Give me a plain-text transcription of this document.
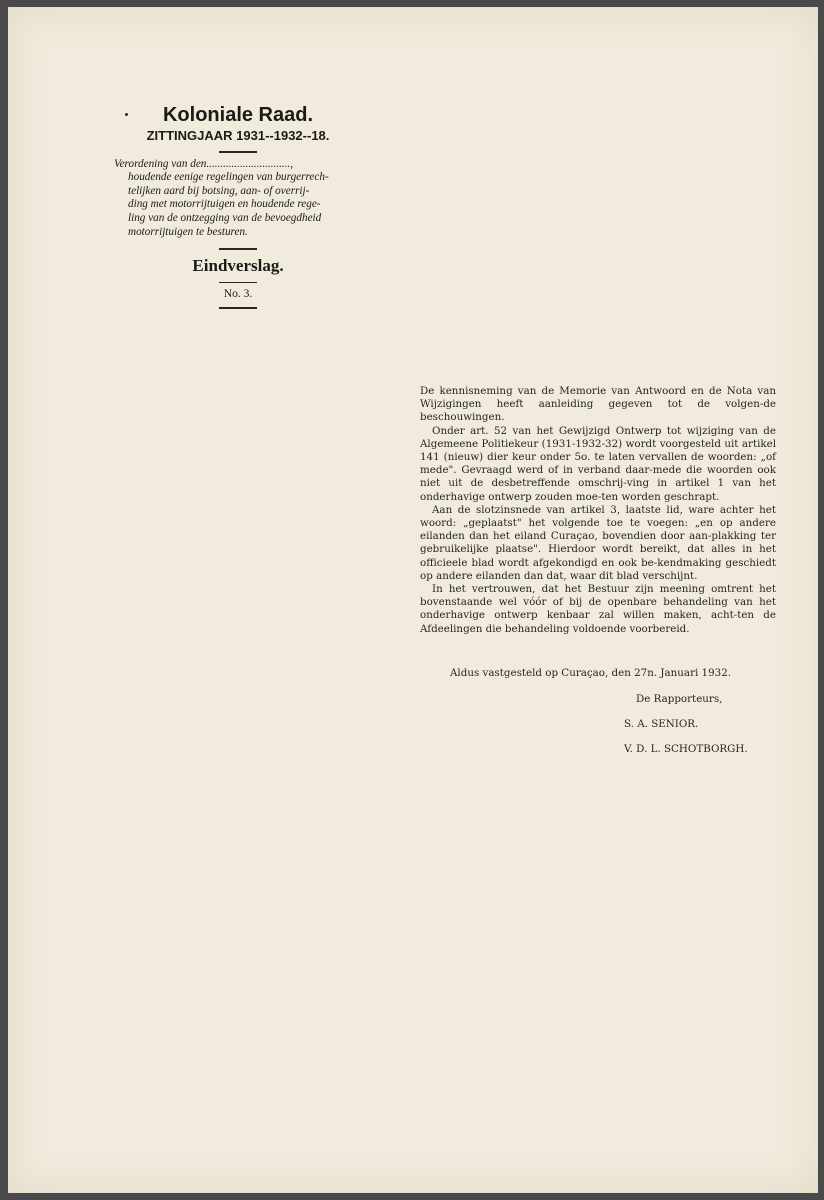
Koloniale Raad.

ZITTINGJAAR 1931--1932--18.

Verordening van den..............................,
houdende eenige regelingen van burgerrech-
telijken aard bij botsing, aan- of overrij-
ding met motorrijtuigen en houdende rege-
ling van de ontzegging van de bevoegdheid
motorrijtuigen te besturen.

Eindverslag.

No. 3.

De kennisneming van de Memorie van Antwoord en de Nota van Wijzigingen heeft aanleiding gegeven tot de volgen-de beschouwingen.

Onder art. 52 van het Gewijzigd Ontwerp tot wijziging van de Algemeene Politiekeur (1931-1932-32) wordt voorgesteld uit artikel 141 (nieuw) dier keur onder 5o. te laten vervallen de woorden: „of mede". Gevraagd werd of in verband daar-mede die woorden ook niet uit de desbetreffende omschrij-ving in artikel 1 van het onderhavige ontwerp zouden moe-ten worden geschrapt.

Aan de slotzinsnede van artikel 3, laatste lid, ware achter het woord: „geplaatst" het volgende toe te voegen: „en op andere eilanden dan het eiland Curaçao, bovendien door aan-plakking ter gebruikelijke plaatse". Hierdoor wordt bereikt, dat alles in het officieele blad wordt afgekondigd en ook be-kendmaking geschiedt op andere eilanden dan dat, waar dit blad verschijnt.

In het vertrouwen, dat het Bestuur zijn meening omtrent het bovenstaande wel vóór of bij de openbare behandeling van het onderhavige ontwerp kenbaar zal willen maken, acht-ten de Afdeelingen die behandeling voldoende voorbereid.

Aldus vastgesteld op Curaçao, den 27n. Januari 1932.
De Rapporteurs,
S. A. SENIOR.
V. D. L. SCHOTBORGH.
